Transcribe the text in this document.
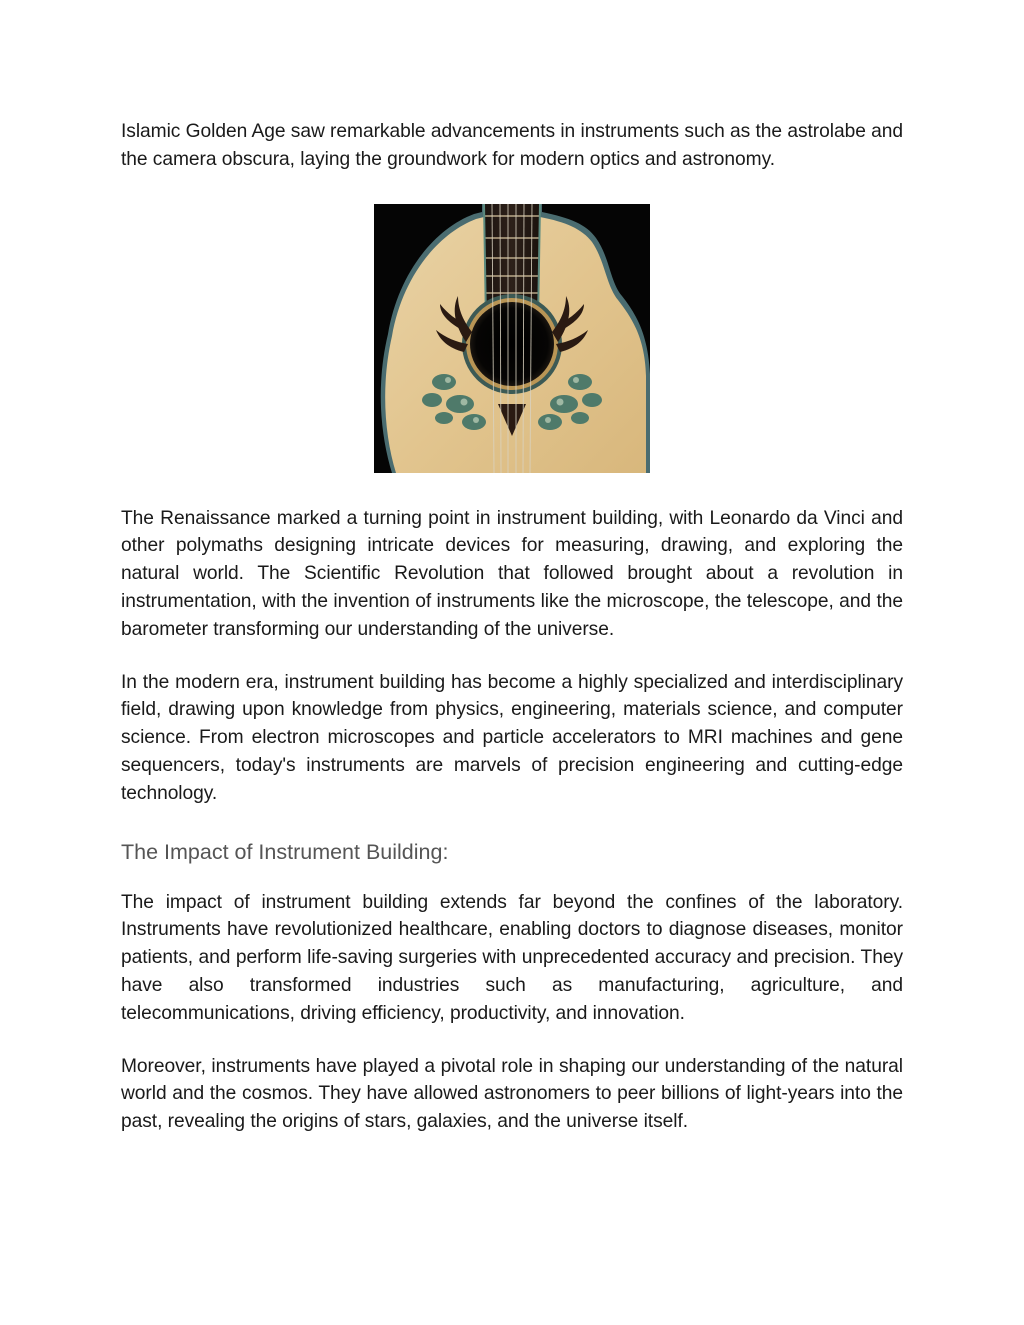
Islamic Golden Age saw remarkable advancements in instruments such as the astrolabe and the camera obscura, laying the groundwork for modern optics and astronomy.

The Renaissance marked a turning point in instrument building, with Leonardo da Vinci and other polymaths designing intricate devices for measuring, drawing, and exploring the natural world. The Scientific Revolution that followed brought about a revolution in instrumentation, with the invention of instruments like the microscope, the telescope, and the barometer transforming our understanding of the universe.

In the modern era, instrument building has become a highly specialized and interdisciplinary field, drawing upon knowledge from physics, engineering, materials science, and computer science. From electron microscopes and particle accelerators to MRI machines and gene sequencers, today's instruments are marvels of precision engineering and cutting-edge technology.

The Impact of Instrument Building:

The impact of instrument building extends far beyond the confines of the laboratory. Instruments have revolutionized healthcare, enabling doctors to diagnose diseases, monitor patients, and perform life-saving surgeries with unprecedented accuracy and precision. They have also transformed industries such as manufacturing, agriculture, and telecommunications, driving efficiency, productivity, and innovation.

Moreover, instruments have played a pivotal role in shaping our understanding of the natural world and the cosmos. They have allowed astronomers to peer billions of light-years into the past, revealing the origins of stars, galaxies, and the universe itself.
